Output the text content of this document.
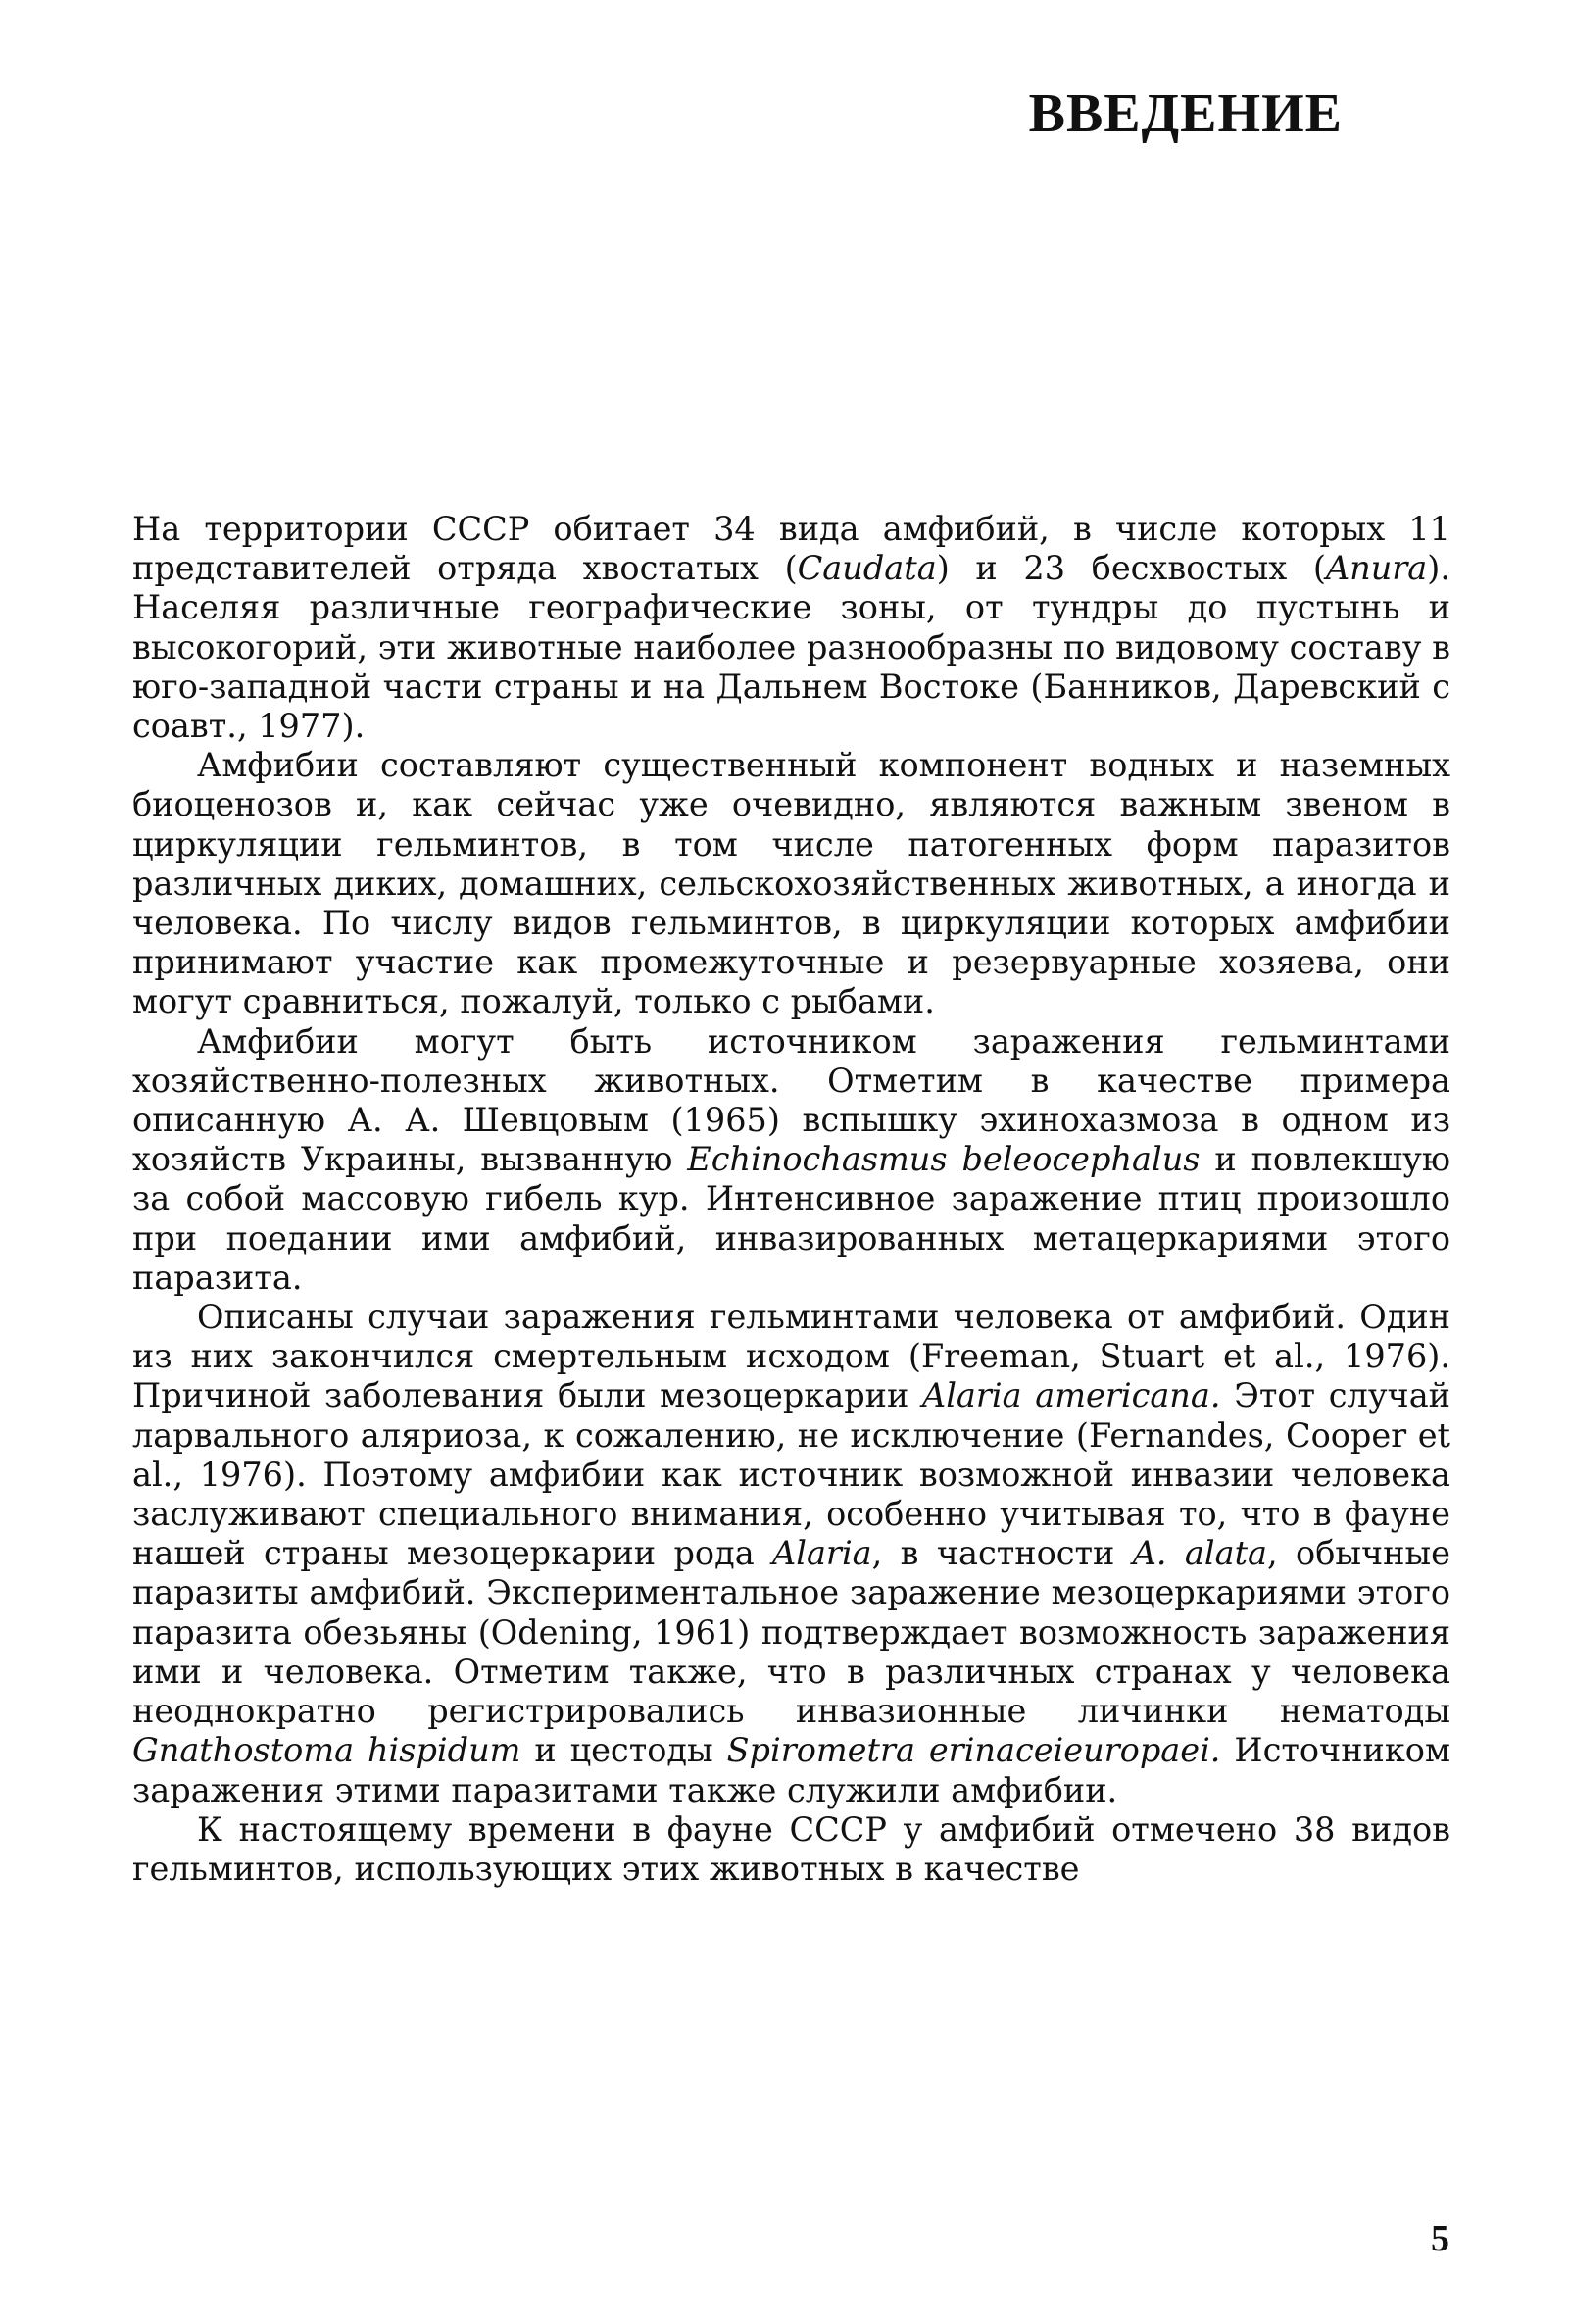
ВВЕДЕНИЕ

На территории СССР обитает 34 вида амфибий, в числе которых 11 представителей отряда хвостатых (Caudata) и 23 бесхвостых (Anura). Населяя различные географические зоны, от тундры до пустынь и высокогорий, эти животные наиболее разнообразны по видовому составу в юго-западной части страны и на Дальнем Востоке (Банников, Даревский с соавт., 1977).

Амфибии составляют существенный компонент водных и наземных биоценозов и, как сейчас уже очевидно, являются важным звеном в циркуляции гельминтов, в том числе патогенных форм паразитов различных диких, домашних, сельскохозяйственных животных, а иногда и человека. По числу видов гельминтов, в циркуляции которых амфибии принимают участие как промежуточные и резервуарные хозяева, они могут сравниться, пожалуй, только с рыбами.

Амфибии могут быть источником заражения гельминтами хозяйственно-полезных животных. Отметим в качестве примера описанную А. А. Шевцовым (1965) вспышку эхинохазмоза в одном из хозяйств Украины, вызванную Echinochasmus beleocephalus и повлекшую за собой массовую гибель кур. Интенсивное заражение птиц произошло при поедании ими амфибий, инвазированных метацеркариями этого паразита.

Описаны случаи заражения гельминтами человека от амфибий. Один из них закончился смертельным исходом (Freeman, Stuart et al., 1976). Причиной заболевания были мезоцеркарии Alaria americana. Этот случай ларвального аляриоза, к сожалению, не исключение (Fernandes, Cooper et al., 1976). Поэтому амфибии как источник возможной инвазии человека заслуживают специального внимания, особенно учитывая то, что в фауне нашей страны мезоцеркарии рода Alaria, в частности A. alata, обычные паразиты амфибий. Экспериментальное заражение мезоцеркариями этого паразита обезьяны (Odening, 1961) подтверждает возможность заражения ими и человека. Отметим также, что в различных странах у человека неоднократно регистрировались инвазионные личинки нематоды Gnathostoma hispidum и цестоды Spirometra erinaceieuropaei. Источником заражения этими паразитами также служили амфибии.

К настоящему времени в фауне СССР у амфибий отмечено 38 видов гельминтов, использующих этих животных в качестве

5
